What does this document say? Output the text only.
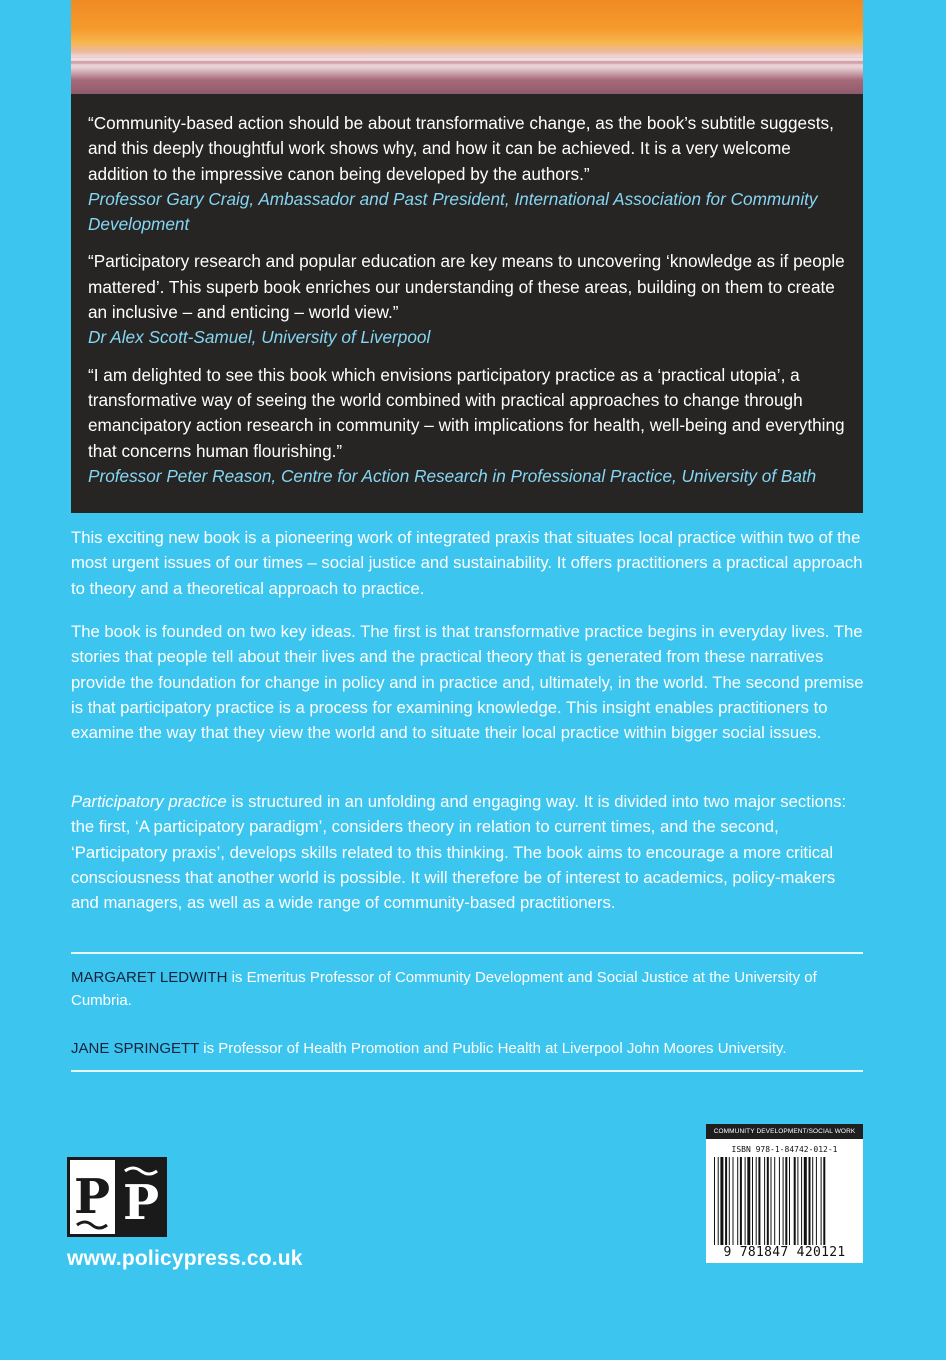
“Community-based action should be about transformative change, as the book’s subtitle suggests, and this deeply thoughtful work shows why, and how it can be achieved. It is a very welcome addition to the impressive canon being developed by the authors.”

Professor Gary Craig, Ambassador and Past President, International Association for Community Development

“Participatory research and popular education are key means to uncovering ‘knowledge as if people mattered’. This superb book enriches our understanding of these areas, building on them to create an inclusive – and enticing – world view.”

Dr Alex Scott-Samuel, University of Liverpool

“I am delighted to see this book which envisions participatory practice as a ‘practical utopia’, a transformative way of seeing the world combined with practical approaches to change through emancipatory action research in community – with implications for health, well-being and everything that concerns human flourishing.”

Professor Peter Reason, Centre for Action Research in Professional Practice, University of Bath

This exciting new book is a pioneering work of integrated praxis that situates local practice within two of the most urgent issues of our times – social justice and sustainability. It offers practitioners a practical approach to theory and a theoretical approach to practice.

The book is founded on two key ideas. The first is that transformative practice begins in everyday lives. The stories that people tell about their lives and the practical theory that is generated from these narratives provide the foundation for change in policy and in practice and, ultimately, in the world. The second premise is that participatory practice is a process for examining knowledge. This insight enables practitioners to examine the way that they view the world and to situate their local practice within bigger social issues.

Participatory practice is structured in an unfolding and engaging way. It is divided into two major sections: the first, ‘A participatory paradigm’, considers theory in relation to current times, and the second, ‘Participatory praxis’, develops skills related to this thinking. The book aims to encourage a more critical consciousness that another world is possible. It will therefore be of interest to academics, policy-makers and managers, as well as a wide range of community-based practitioners.

MARGARET LEDWITH is Emeritus Professor of Community Development and Social Justice at the University of Cumbria.

JANE SPRINGETT is Professor of Health Promotion and Public Health at Liverpool John Moores University.

P P
www.policypress.co.uk
COMMUNITY DEVELOPMENT/SOCIAL WORK
ISBN 978-1-84742-012-1
9 781847 420121
